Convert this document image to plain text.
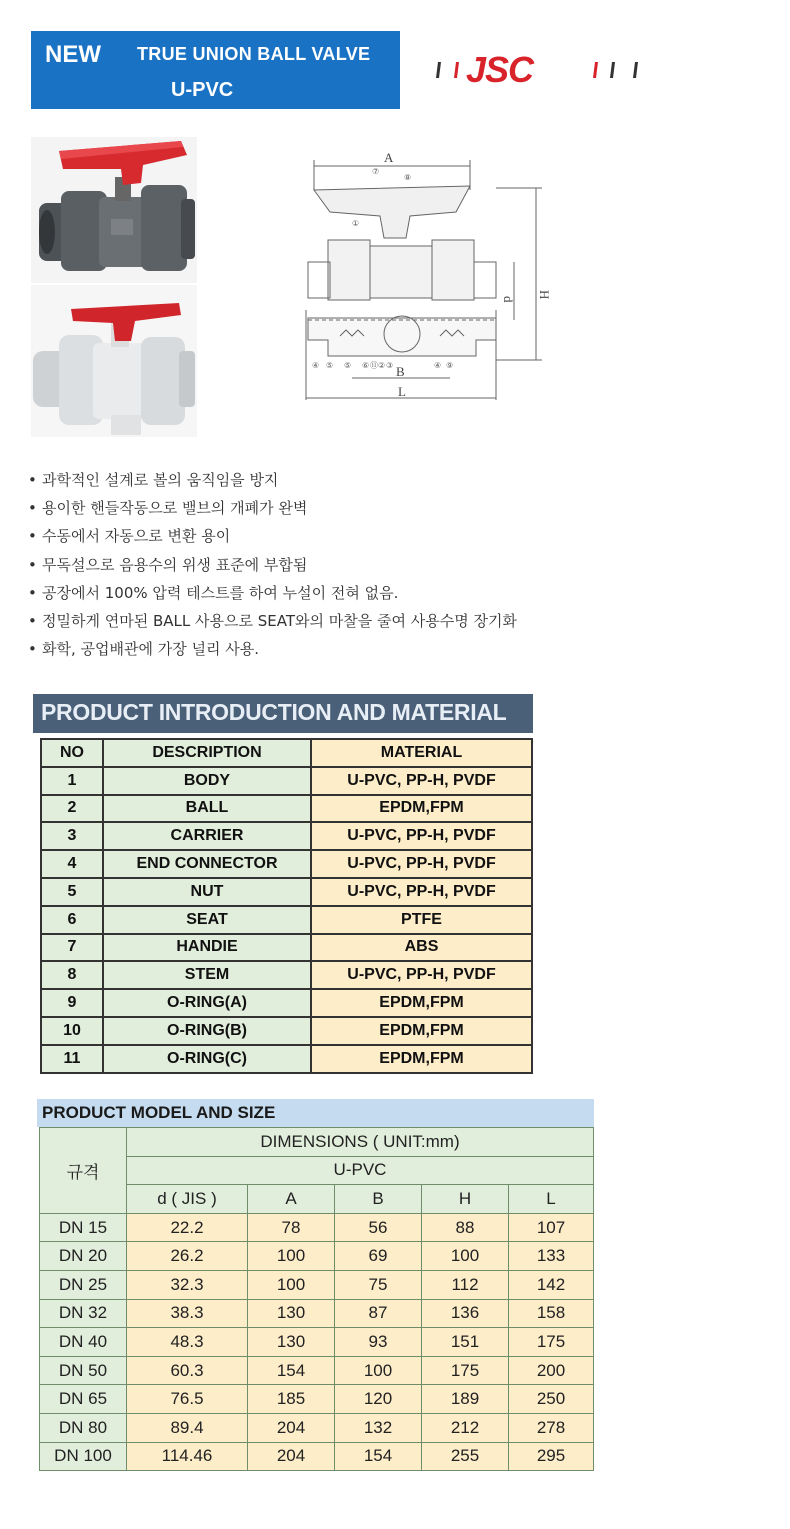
NEW TRUE UNION BALL VALVE
U-PVC	JSC
A
B
L
H
d
④ ⑤ ⑤ ⑥ ⑪ ② ③	④ ⑨
⑦
⑧
①
• 과학적인 설계로 볼의 움직임을 방지
• 용이한 핸들작동으로 밸브의 개폐가 완벽
• 수동에서 자동으로 변환 용이
• 무독설으로 음용수의 위생 표준에 부합됨
• 공장에서 100% 압력 테스트를 하여 누설이 전혀 없음.
• 정밀하게 연마된 BALL 사용으로 SEAT와의 마찰을 줄여 사용수명 장기화
• 화학, 공업배관에 가장 널리 사용.
PRODUCT INTRODUCTION AND MATERIAL
NO	DESCRIPTION	MATERIAL
1	BODY	U-PVC, PP-H, PVDF
2	BALL	EPDM,FPM
3	CARRIER	U-PVC, PP-H, PVDF
4	END CONNECTOR	U-PVC, PP-H, PVDF
5	NUT	U-PVC, PP-H, PVDF
6	SEAT	PTFE
7	HANDIE	ABS
8	STEM	U-PVC, PP-H, PVDF
9	O-RING(A)	EPDM,FPM
10	O-RING(B)	EPDM,FPM
11	O-RING(C)	EPDM,FPM
PRODUCT MODEL AND SIZE
규격	DIMENSIONS ( UNIT:mm)				
	U-PVC				
	d ( JIS )	A	B	H	L
DN 15	22.2	78	56	88	107
DN 20	26.2	100	69	100	133
DN 25	32.3	100	75	112	142
DN 32	38.3	130	87	136	158
DN 40	48.3	130	93	151	175
DN 50	60.3	154	100	175	200
DN 65	76.5	185	120	189	250
DN 80	89.4	204	132	212	278
DN 100	114.46	204	154	255	295
